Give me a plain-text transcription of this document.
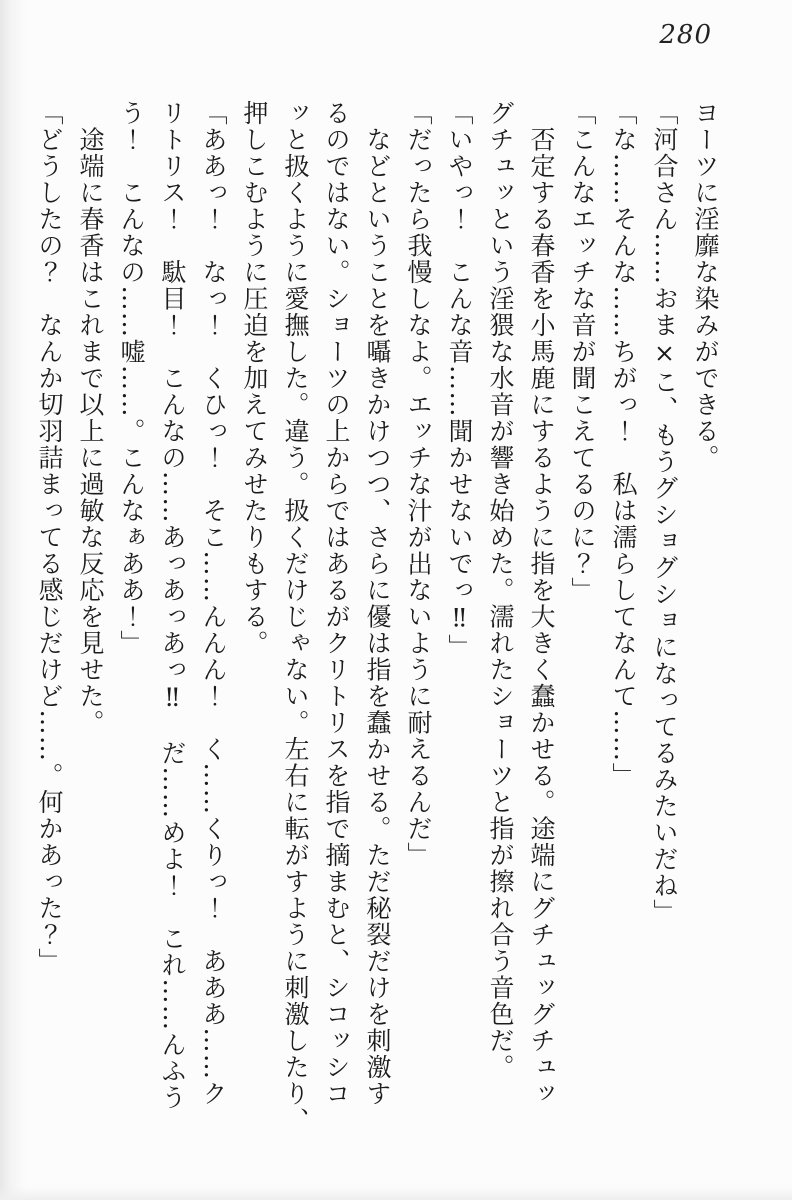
280
ヨーツに淫靡な染みができる。
「河合さん……おま×こ、もうグショグショになってるみたいだね」
「な……そんな……ちがっ！　私は濡らしてなんて……」
「こんなエッチな音が聞こえてるのに？」
　否定する春香を小馬鹿にするように指を大きく蠢かせる。途端にグチュッグチュッ
グチュッという淫猥な水音が響き始めた。濡れたショーツと指が擦れ合う音色だ。
「いやっ！　こんな音……聞かせないでっ‼」
「だったら我慢しなよ。エッチな汁が出ないように耐えるんだ」
　などということを囁きかけつつ、さらに優は指を蠢かせる。ただ秘裂だけを刺激す
るのではない。ショーツの上からではあるがクリトリスを指で摘まむと、シコッシコ
ッと扱くように愛撫した。違う。扱くだけじゃない。左右に転がすように刺激したり、
押しこむように圧迫を加えてみせたりもする。
「ああっ！　なっ！　くひっ！　そこ……んんん！　く……くりっ！　あああ……ク
リトリス！　駄目！　こんなの……あっあっあっ‼　だ……めよ！　これ……んふう
う！　こんなの……嘘……。こんなぁああ！」
　途端に春香はこれまで以上に過敏な反応を見せた。
「どうしたの？　なんか切羽詰まってる感じだけど……。何かあった？」
